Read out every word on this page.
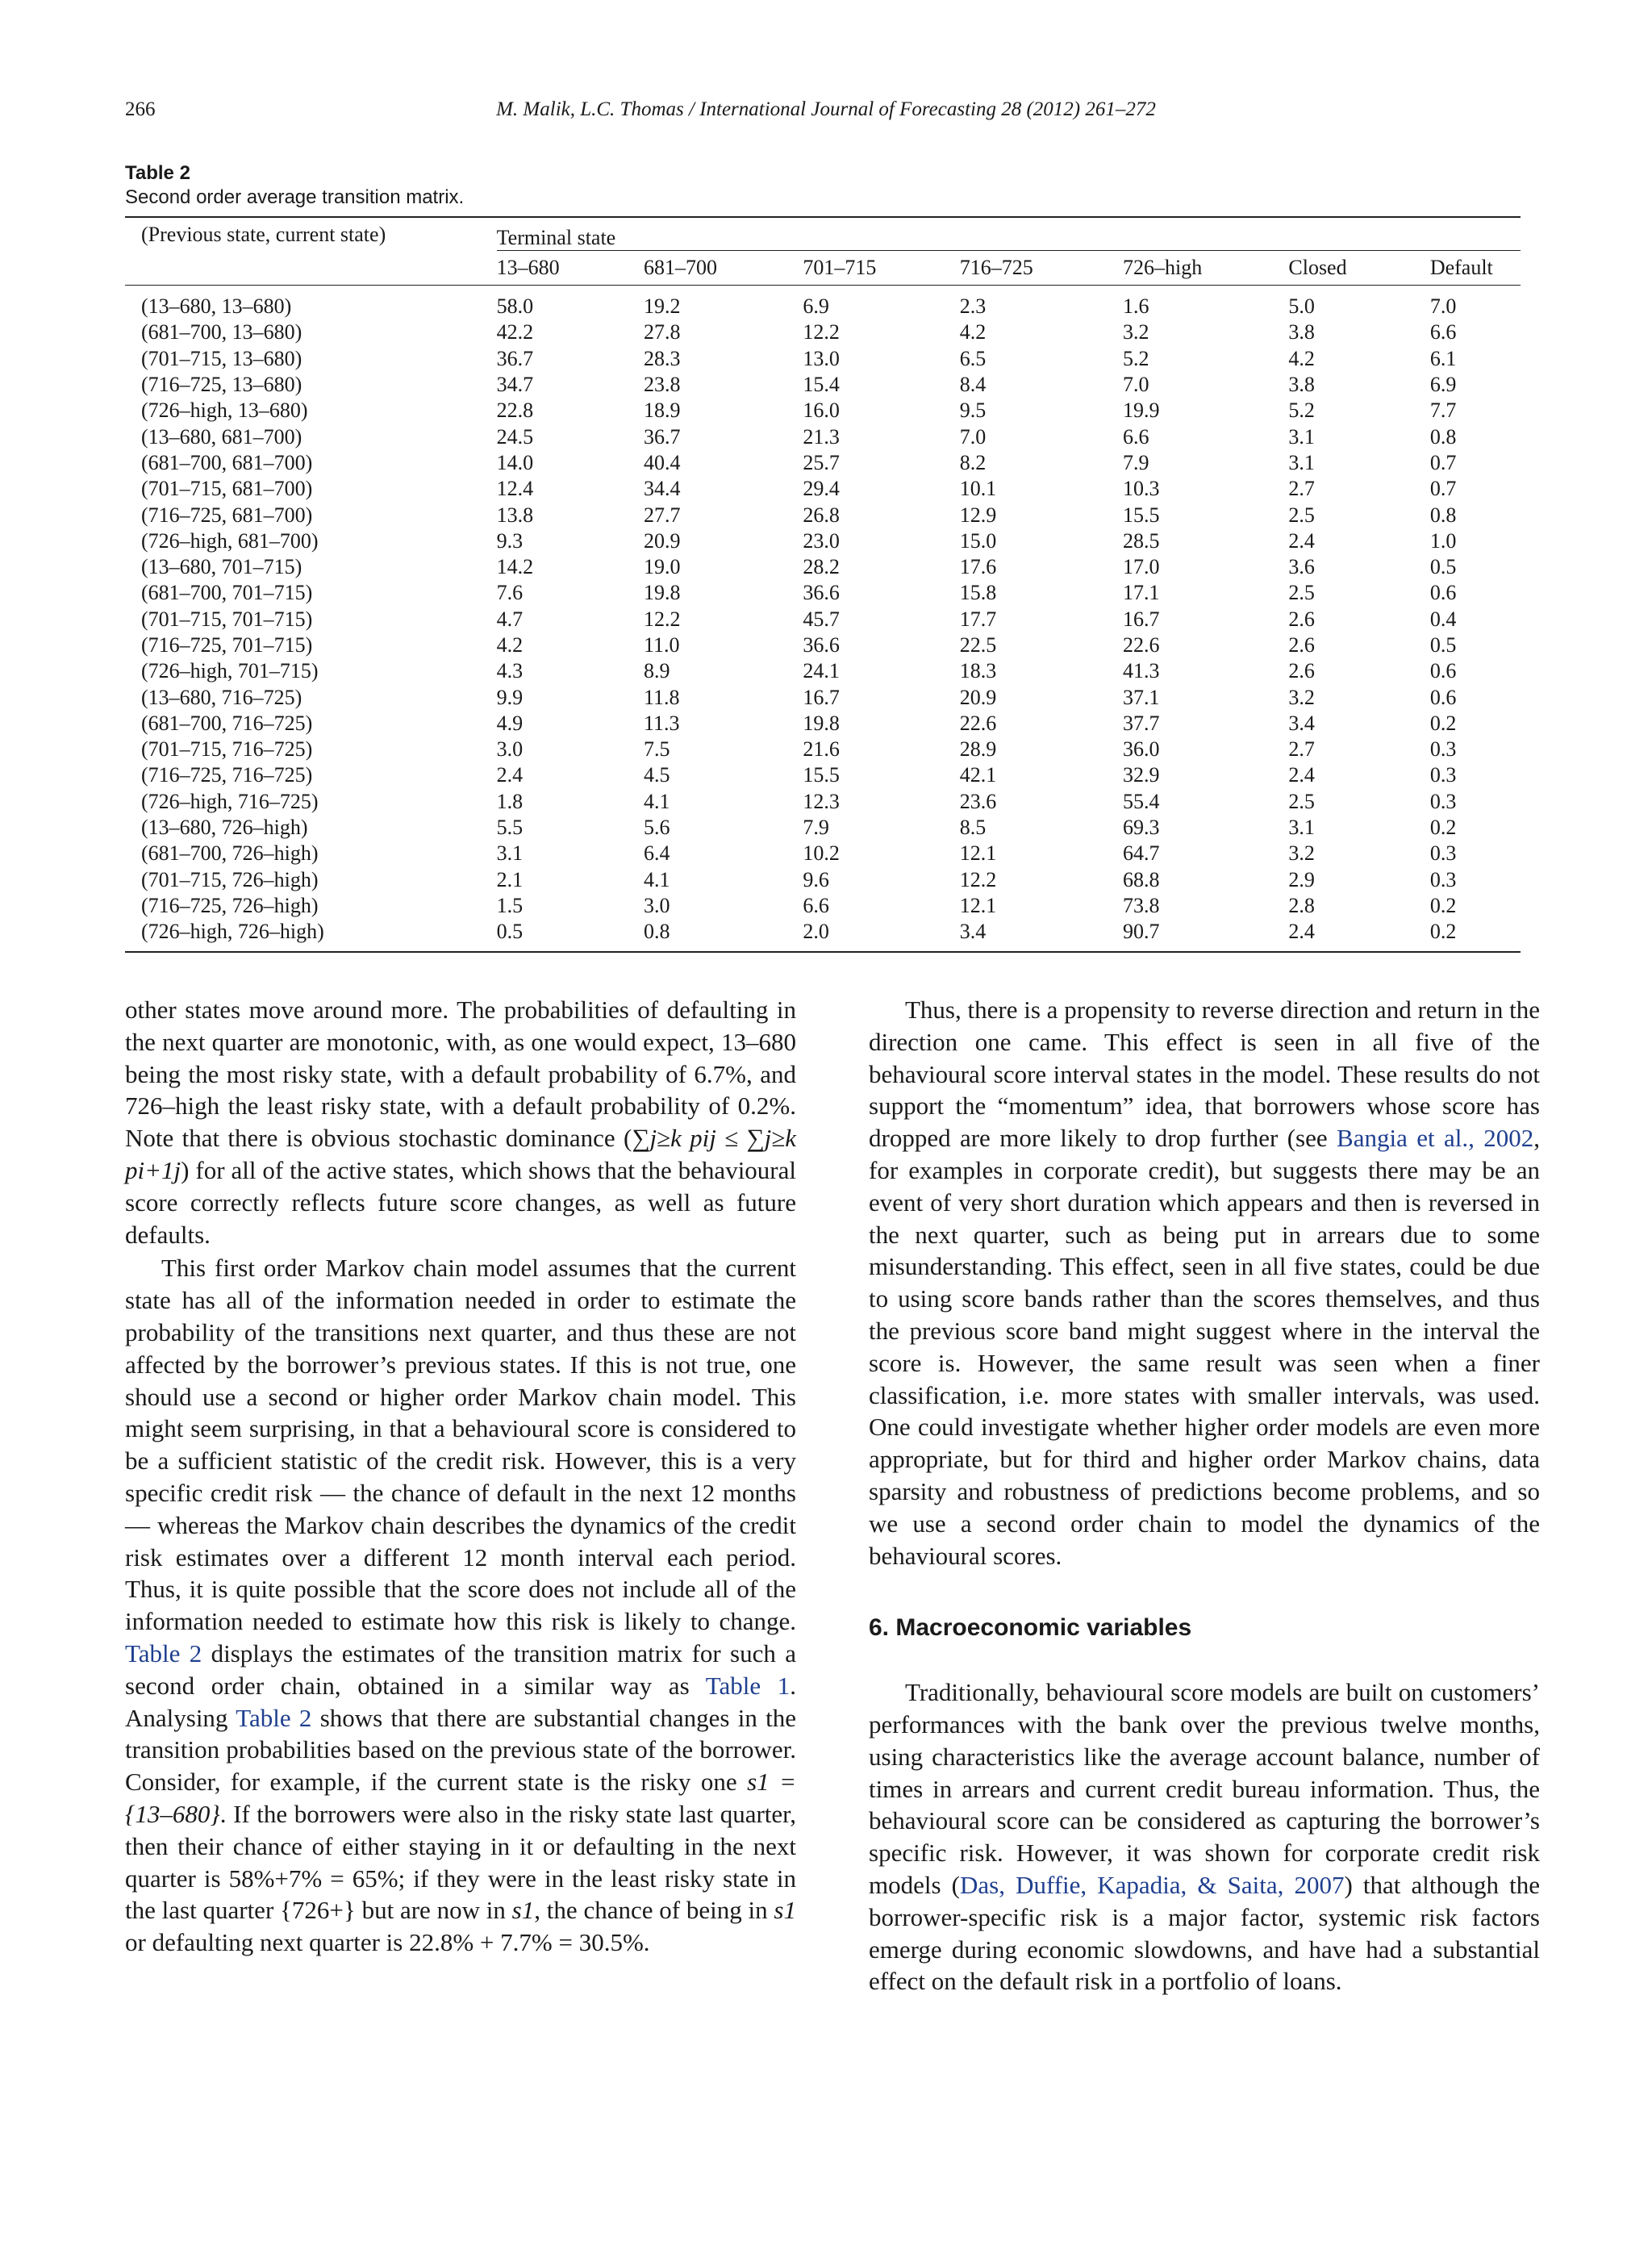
266	M. Malik, L.C. Thomas / International Journal of Forecasting 28 (2012) 261–272
Table 2
Second order average transition matrix.
(Previous state, current state)	Terminal state						
	13–680	681–700	701–715	716–725	726–high	Closed	Default

(13–680, 13–680)	58.0	19.2	6.9	2.3	1.6	5.0	7.0
(681–700, 13–680)	42.2	27.8	12.2	4.2	3.2	3.8	6.6
(701–715, 13–680)	36.7	28.3	13.0	6.5	5.2	4.2	6.1
(716–725, 13–680)	34.7	23.8	15.4	8.4	7.0	3.8	6.9
(726–high, 13–680)	22.8	18.9	16.0	9.5	19.9	5.2	7.7
(13–680, 681–700)	24.5	36.7	21.3	7.0	6.6	3.1	0.8
(681–700, 681–700)	14.0	40.4	25.7	8.2	7.9	3.1	0.7
(701–715, 681–700)	12.4	34.4	29.4	10.1	10.3	2.7	0.7
(716–725, 681–700)	13.8	27.7	26.8	12.9	15.5	2.5	0.8
(726–high, 681–700)	9.3	20.9	23.0	15.0	28.5	2.4	1.0
(13–680, 701–715)	14.2	19.0	28.2	17.6	17.0	3.6	0.5
(681–700, 701–715)	7.6	19.8	36.6	15.8	17.1	2.5	0.6
(701–715, 701–715)	4.7	12.2	45.7	17.7	16.7	2.6	0.4
(716–725, 701–715)	4.2	11.0	36.6	22.5	22.6	2.6	0.5
(726–high, 701–715)	4.3	8.9	24.1	18.3	41.3	2.6	0.6
(13–680, 716–725)	9.9	11.8	16.7	20.9	37.1	3.2	0.6
(681–700, 716–725)	4.9	11.3	19.8	22.6	37.7	3.4	0.2
(701–715, 716–725)	3.0	7.5	21.6	28.9	36.0	2.7	0.3
(716–725, 716–725)	2.4	4.5	15.5	42.1	32.9	2.4	0.3
(726–high, 716–725)	1.8	4.1	12.3	23.6	55.4	2.5	0.3
(13–680, 726–high)	5.5	5.6	7.9	8.5	69.3	3.1	0.2
(681–700, 726–high)	3.1	6.4	10.2	12.1	64.7	3.2	0.3
(701–715, 726–high)	2.1	4.1	9.6	12.2	68.8	2.9	0.3
(716–725, 726–high)	1.5	3.0	6.6	12.1	73.8	2.8	0.2
(726–high, 726–high)	0.5	0.8	2.0	3.4	90.7	2.4	0.2

other states move around more. The probabilities of defaulting in the next quarter are monotonic, with, as one would expect, 13–680 being the most risky state, with a default probability of 6.7%, and 726–high the least risky state, with a default probability of 0.2%. Note that there is obvious stochastic dominance (∑j≥k pij ≤ ∑j≥k pi+1j) for all of the active states, which shows that the behavioural score correctly reflects future score changes, as well as future defaults.

This first order Markov chain model assumes that the current state has all of the information needed in order to estimate the probability of the transitions next quarter, and thus these are not affected by the borrower’s previous states. If this is not true, one should use a second or higher order Markov chain model. This might seem surprising, in that a behavioural score is considered to be a sufficient statistic of the credit risk. However, this is a very specific credit risk — the chance of default in the next 12 months — whereas the Markov chain describes the dynamics of the credit risk estimates over a different 12 month interval each period. Thus, it is quite possible that the score does not include all of the information needed to estimate how this risk is likely to change. Table 2 displays the estimates of the transition matrix for such a second order chain, obtained in a similar way as Table 1. Analysing Table 2 shows that there are substantial changes in the transition probabilities based on the previous state of the borrower. Consider, for example, if the current state is the risky one s1 = {13–680}. If the borrowers were also in the risky state last quarter, then their chance of either staying in it or defaulting in the next quarter is 58%+7% = 65%; if they were in the least risky state in the last quarter {726+} but are now in s1, the chance of being in s1 or defaulting next quarter is 22.8% + 7.7% = 30.5%.

Thus, there is a propensity to reverse direction and return in the direction one came. This effect is seen in all five of the behavioural score interval states in the model. These results do not support the “momentum” idea, that borrowers whose score has dropped are more likely to drop further (see Bangia et al., 2002, for examples in corporate credit), but suggests there may be an event of very short duration which appears and then is reversed in the next quarter, such as being put in arrears due to some misunderstanding. This effect, seen in all five states, could be due to using score bands rather than the scores themselves, and thus the previous score band might suggest where in the interval the score is. However, the same result was seen when a finer classification, i.e. more states with smaller intervals, was used. One could investigate whether higher order models are even more appropriate, but for third and higher order Markov chains, data sparsity and robustness of predictions become problems, and so we use a second order chain to model the dynamics of the behavioural scores.

6. Macroeconomic variables

Traditionally, behavioural score models are built on customers’ performances with the bank over the previous twelve months, using characteristics like the average account balance, number of times in arrears and current credit bureau information. Thus, the behavioural score can be considered as capturing the borrower’s specific risk. However, it was shown for corporate credit risk models (Das, Duffie, Kapadia, & Saita, 2007) that although the borrower-specific risk is a major factor, systemic risk factors emerge during economic slowdowns, and have had a substantial effect on the default risk in a portfolio of loans.
